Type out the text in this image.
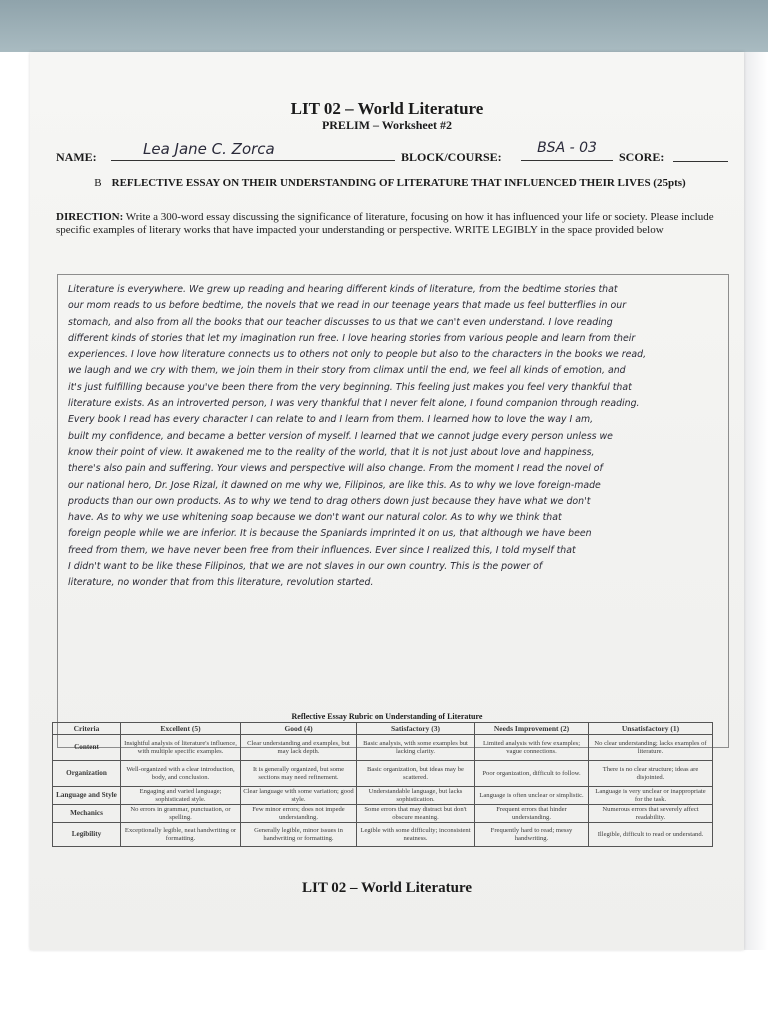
LIT 02 – World Literature
PRELIM – Worksheet #2
NAME:	Lea Jane C. Zorca	BLOCK/COURSE:
BSA - 03
SCORE:
B REFLECTIVE ESSAY ON THEIR UNDERSTANDING OF LITERATURE THAT INFLUENCED THEIR LIVES (25pts)
DIRECTION: Write a 300-word essay discussing the significance of literature, focusing on how it has influenced your life or society. Please include specific examples of literary works that have impacted your understanding or perspective. WRITE LEGIBLY in the space provided below
Literature is everywhere. We grew up reading and hearing different kinds of literature, from the bedtime stories that
our mom reads to us before bedtime, the novels that we read in our teenage years that made us feel butterflies in our
stomach, and also from all the books that our teacher discusses to us that we can't even understand. I love reading
different kinds of stories that let my imagination run free. I love hearing stories from various people and learn from their
experiences. I love how literature connects us to others not only to people but also to the characters in the books we read,
we laugh and we cry with them, we join them in their story from climax until the end, we feel all kinds of emotion, and
it's just fulfilling because you've been there from the very beginning. This feeling just makes you feel very thankful that
literature exists. As an introverted person, I was very thankful that I never felt alone, I found companion through reading.
Every book I read has every character I can relate to and I learn from them. I learned how to love the way I am,
built my confidence, and became a better version of myself. I learned that we cannot judge every person unless we
know their point of view. It awakened me to the reality of the world, that it is not just about love and happiness,
there's also pain and suffering. Your views and perspective will also change. From the moment I read the novel of
our national hero, Dr. Jose Rizal, it dawned on me why we, Filipinos, are like this. As to why we love foreign-made
products than our own products. As to why we tend to drag others down just because they have what we don't
have. As to why we use whitening soap because we don't want our natural color. As to why we think that
foreign people while we are inferior. It is because the Spaniards imprinted it on us, that although we have been
freed from them, we have never been free from their influences. Ever since I realized this, I told myself that
I didn't want to be like these Filipinos, that we are not slaves in our own country. This is the power of
literature, no wonder that from this literature, revolution started.
Reflective Essay Rubric on Understanding of Literature
Criteria	Excellent (5)	Good (4)	Satisfactory (3)	Needs Improvement (2)	Unsatisfactory (1)
Content	Insightful analysis of literature's influence, with multiple specific examples.	Clear understanding and examples, but may lack depth.	Basic analysis, with some examples but lacking clarity.	Limited analysis with few examples; vague connections.	No clear understanding; lacks examples of literature.
Organization	Well-organized with a clear introduction, body, and conclusion.	It is generally organized, but some sections may need refinement.	Basic organization, but ideas may be scattered.	Poor organization, difficult to follow.	There is no clear structure; ideas are disjointed.
Language and Style	Engaging and varied language; sophisticated style.	Clear language with some variation; good style.	Understandable language, but lacks sophistication.	Language is often unclear or simplistic.	Language is very unclear or inappropriate for the task.
Mechanics	No errors in grammar, punctuation, or spelling.	Few minor errors; does not impede understanding.	Some errors that may distract but don't obscure meaning.	Frequent errors that hinder understanding.	Numerous errors that severely affect readability.
Legibility	Exceptionally legible, neat handwriting or formatting.	Generally legible, minor issues in handwriting or formatting.	Legible with some difficulty; inconsistent neatness.	Frequently hard to read; messy handwriting.	Illegible, difficult to read or understand.
LIT 02 – World Literature
